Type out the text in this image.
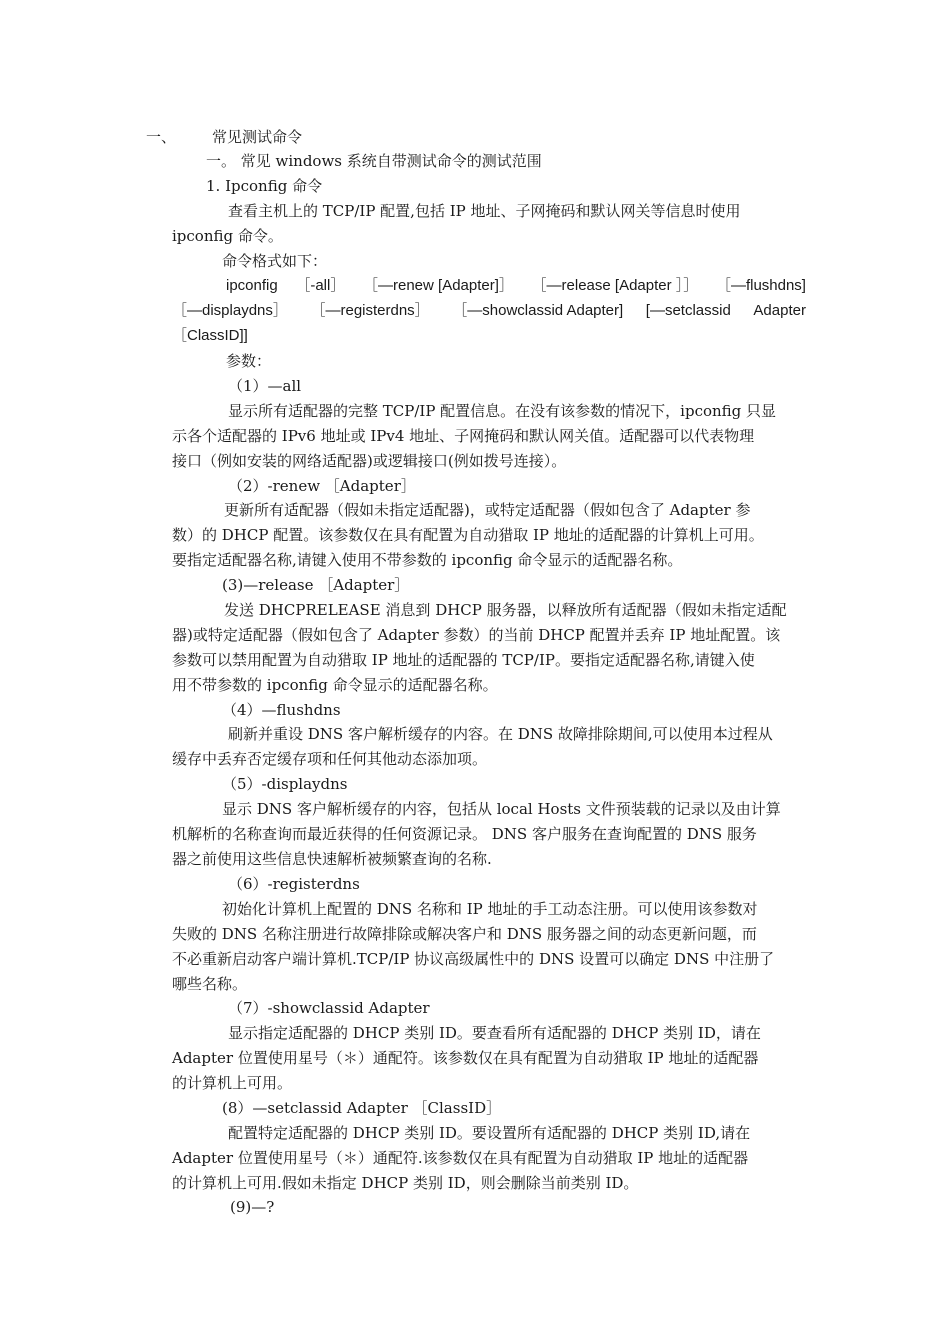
一、 常见测试命令
一。 常见 windows 系统自带测试命令的测试范围
1. Ipconfig 命令
查看主机上的 TCP/IP 配置,包括 IP 地址、子网掩码和默认网关等信息时使用
ipconfig 命令。
命令格式如下：
ipconfig ［-all］ ［—renew [Adapter]］ ［—release [Adapter ］］ ［—flushdns]
［—displaydns］ ［—registerdns］ ［—showclassid Adapter] [—setclassid Adapter
［ClassID]]
参数：
（1）—all
显示所有适配器的完整 TCP/IP 配置信息。在没有该参数的情况下，ipconfig 只显
示各个适配器的 IPv6 地址或 IPv4 地址、子网掩码和默认网关值。适配器可以代表物理
接口（例如安装的网络适配器)或逻辑接口(例如拨号连接）。
（2）-renew ［Adapter］
更新所有适配器（假如未指定适配器)，或特定适配器（假如包含了 Adapter 参
数）的 DHCP 配置。该参数仅在具有配置为自动猎取 IP 地址的适配器的计算机上可用。
要指定适配器名称,请键入使用不带参数的 ipconfig 命令显示的适配器名称。
(3)—release ［Adapter］
发送 DHCPRELEASE 消息到 DHCP 服务器，以释放所有适配器（假如未指定适配
器)或特定适配器（假如包含了 Adapter 参数）的当前 DHCP 配置并丢弃 IP 地址配置。该
参数可以禁用配置为自动猎取 IP 地址的适配器的 TCP/IP。要指定适配器名称,请键入使
用不带参数的 ipconfig 命令显示的适配器名称。
（4）—flushdns
刷新并重设 DNS 客户解析缓存的内容。在 DNS 故障排除期间,可以使用本过程从
缓存中丢弃否定缓存项和任何其他动态添加项。
（5）-displaydns
显示 DNS 客户解析缓存的内容，包括从 local Hosts 文件预装载的记录以及由计算
机解析的名称查询而最近获得的任何资源记录。 DNS 客户服务在查询配置的 DNS 服务
器之前使用这些信息快速解析被频繁查询的名称.
（6）-registerdns
初始化计算机上配置的 DNS 名称和 IP 地址的手工动态注册。可以使用该参数对
失败的 DNS 名称注册进行故障排除或解决客户和 DNS 服务器之间的动态更新问题，而
不必重新启动客户端计算机.TCP/IP 协议高级属性中的 DNS 设置可以确定 DNS 中注册了
哪些名称。
（7）-showclassid Adapter
显示指定适配器的 DHCP 类别 ID。要查看所有适配器的 DHCP 类别 ID，请在
Adapter 位置使用星号（＊）通配符。该参数仅在具有配置为自动猎取 IP 地址的适配器
的计算机上可用。
(8）—setclassid Adapter ［ClassID］
配置特定适配器的 DHCP 类别 ID。要设置所有适配器的 DHCP 类别 ID,请在
Adapter 位置使用星号（＊）通配符.该参数仅在具有配置为自动猎取 IP 地址的适配器
的计算机上可用.假如未指定 DHCP 类别 ID，则会删除当前类别 ID。
(9)—?
